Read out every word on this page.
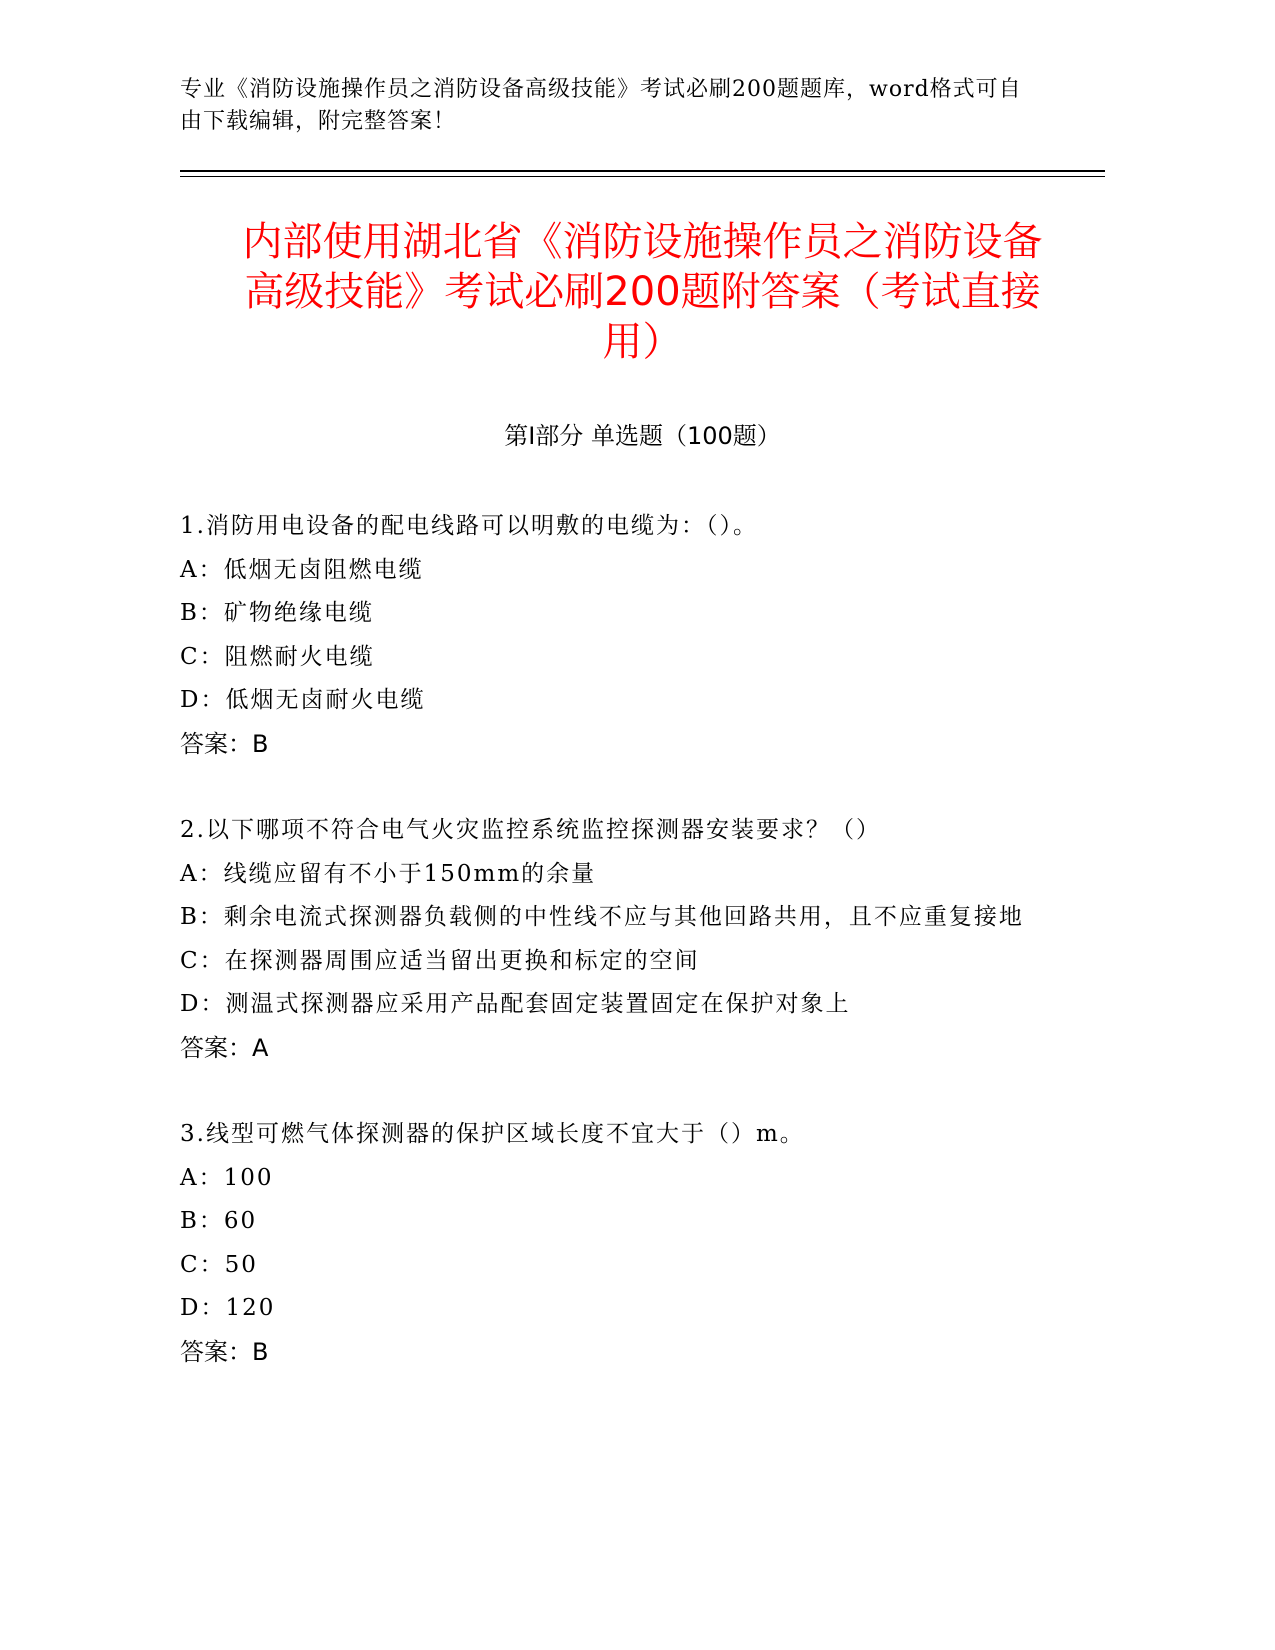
专业《消防设施操作员之消防设备高级技能》考试必刷200题题库，word格式可自由下载编辑，附完整答案！
内部使用湖北省《消防设施操作员之消防设备高级技能》考试必刷200题附答案（考试直接用）
第I部分 单选题（100题）
1.消防用电设备的配电线路可以明敷的电缆为：（）。
A：低烟无卤阻燃电缆
B：矿物绝缘电缆
C：阻燃耐火电缆
D：低烟无卤耐火电缆
答案：B
2.以下哪项不符合电气火灾监控系统监控探测器安装要求？（）
A：线缆应留有不小于150mm的余量
B：剩余电流式探测器负载侧的中性线不应与其他回路共用，且不应重复接地
C：在探测器周围应适当留出更换和标定的空间
D：测温式探测器应采用产品配套固定装置固定在保护对象上
答案：A
3.线型可燃气体探测器的保护区域长度不宜大于（）m。
A：100
B：60
C：50
D：120
答案：B
